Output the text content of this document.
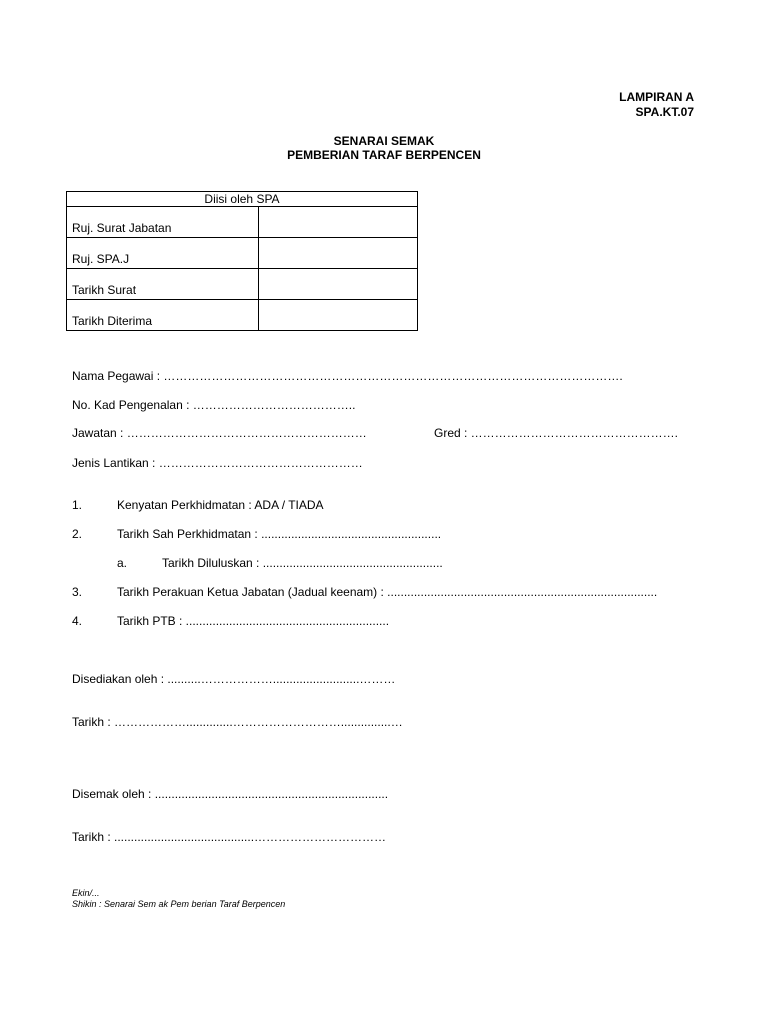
LAMPIRAN A
SPA.KT.07
SENARAI SEMAK
PEMBERIAN TARAF BERPENCEN
Diisi oleh SPA	
Ruj. Surat Jabatan	
Ruj. SPA.J	
Tarikh Surat	
Tarikh Diterima	
Nama Pegawai : …………………………………………………………………………………………………….
No. Kad Pengenalan : …………………………………..
Jawatan : ……………………………………………………	Gred : …………………………………………….
Jenis Lantikan : ……………………………………………
1.	Kenyatan Perkhidmatan : ADA / TIADA
2.	Tarikh Sah Perkhidmatan : ......................................................
a.	Tarikh Diluluskan : ......................................................
3.	Tarikh Perakuan Ketua Jabatan (Jadual keenam) : .................................................................................
4.	Tarikh PTB : .............................................................
Disediakan oleh : ..........………………..........................………
Tarikh : ………………..............………………………...............…
Disemak oleh : ......................................................................
Tarikh : ..........................................……………………………
Ekin/...
Shikin : Senarai Sem ak Pem berian Taraf Berpencen
